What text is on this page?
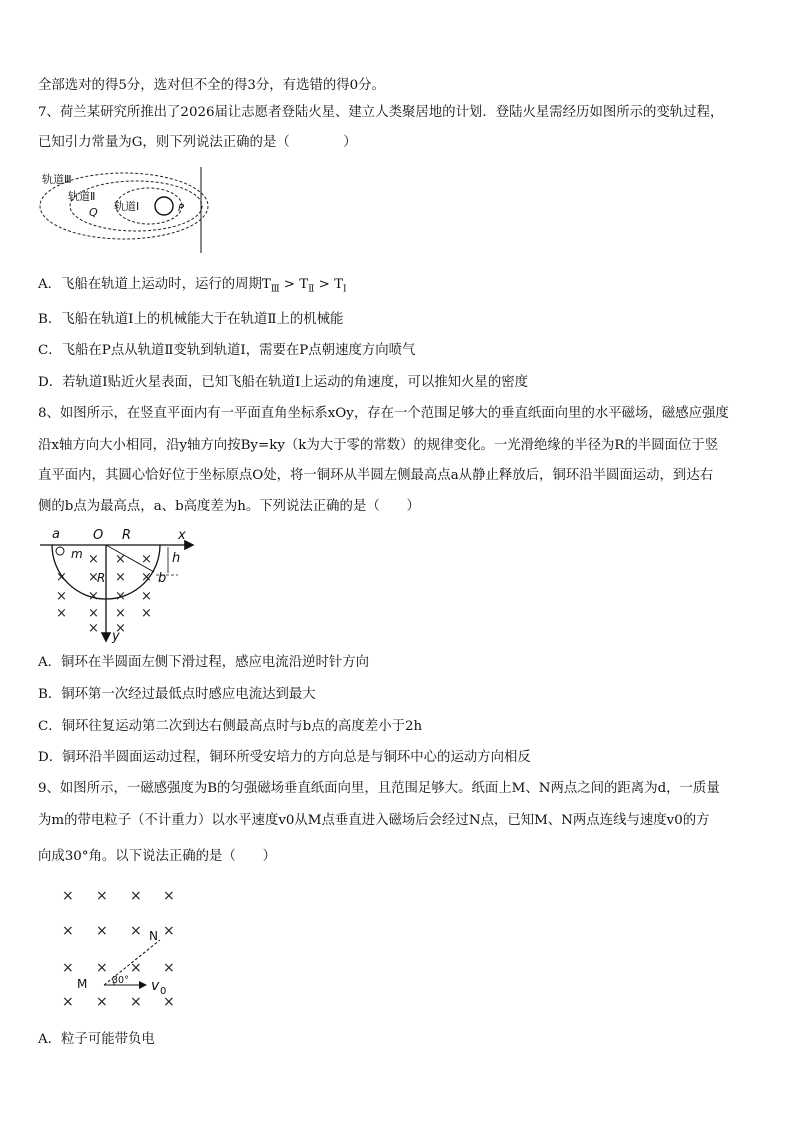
全部选对的得5分，选对但不全的得3分，有选错的得0分。
7、荷兰某研究所推出了2026届让志愿者登陆火星、建立人类聚居地的计划．登陆火星需经历如图所示的变轨过程，
已知引力常量为G，则下列说法正确的是（　　　　）
轨道Ⅲ
轨道Ⅱ
轨道Ⅰ
Q	P
A．飞船在轨道上运动时，运行的周期$T_Ⅲ > T_Ⅱ > T_Ⅰ$
B．飞船在轨道Ⅰ上的机械能大于在轨道Ⅱ上的机械能
C．飞船在P点从轨道Ⅱ变轨到轨道Ⅰ，需要在P点朝速度方向喷气
D．若轨道Ⅰ贴近火星表面，已知飞船在轨道Ⅰ上运动的角速度，可以推知火星的密度
8、如图所示，在竖直平面内有一平面直角坐标系xOy，存在一个范围足够大的垂直纸面向里的水平磁场，磁感应强度
沿x轴方向大小相同，沿y轴方向按By=ky（k为大于零的常数）的规律变化。一光滑绝缘的半径为R的半圆面位于竖
直平面内，其圆心恰好位于坐标原点O处，将一铜环从半圆左侧最高点a从静止释放后，铜环沿半圆面运动，到达右
侧的b点为最高点，a、b高度差为h。下列说法正确的是（　　）
a	O R	x
h
m
R	b
y
× × ×
× × × ×
× × × ×
× × × ×
× ×
A．铜环在半圆面左侧下滑过程，感应电流沿逆时针方向
B．铜环第一次经过最低点时感应电流达到最大
C．铜环往复运动第二次到达右侧最高点时与b点的高度差小于2h
D．铜环沿半圆面运动过程，铜环所受安培力的方向总是与铜环中心的运动方向相反
9、如图所示，一磁感强度为B的匀强磁场垂直纸面向里，且范围足够大。纸面上M、N两点之间的距离为d，一质量
为m的带电粒子（不计重力）以水平速度v0从M点垂直进入磁场后会经过N点，已知M、N两点连线与速度v0的方
向成30°角。以下说法正确的是（　　）
× × × ×
× × × ×
× × × ×
× × × ×
N
M	30° v 0
A．粒子可能带负电
